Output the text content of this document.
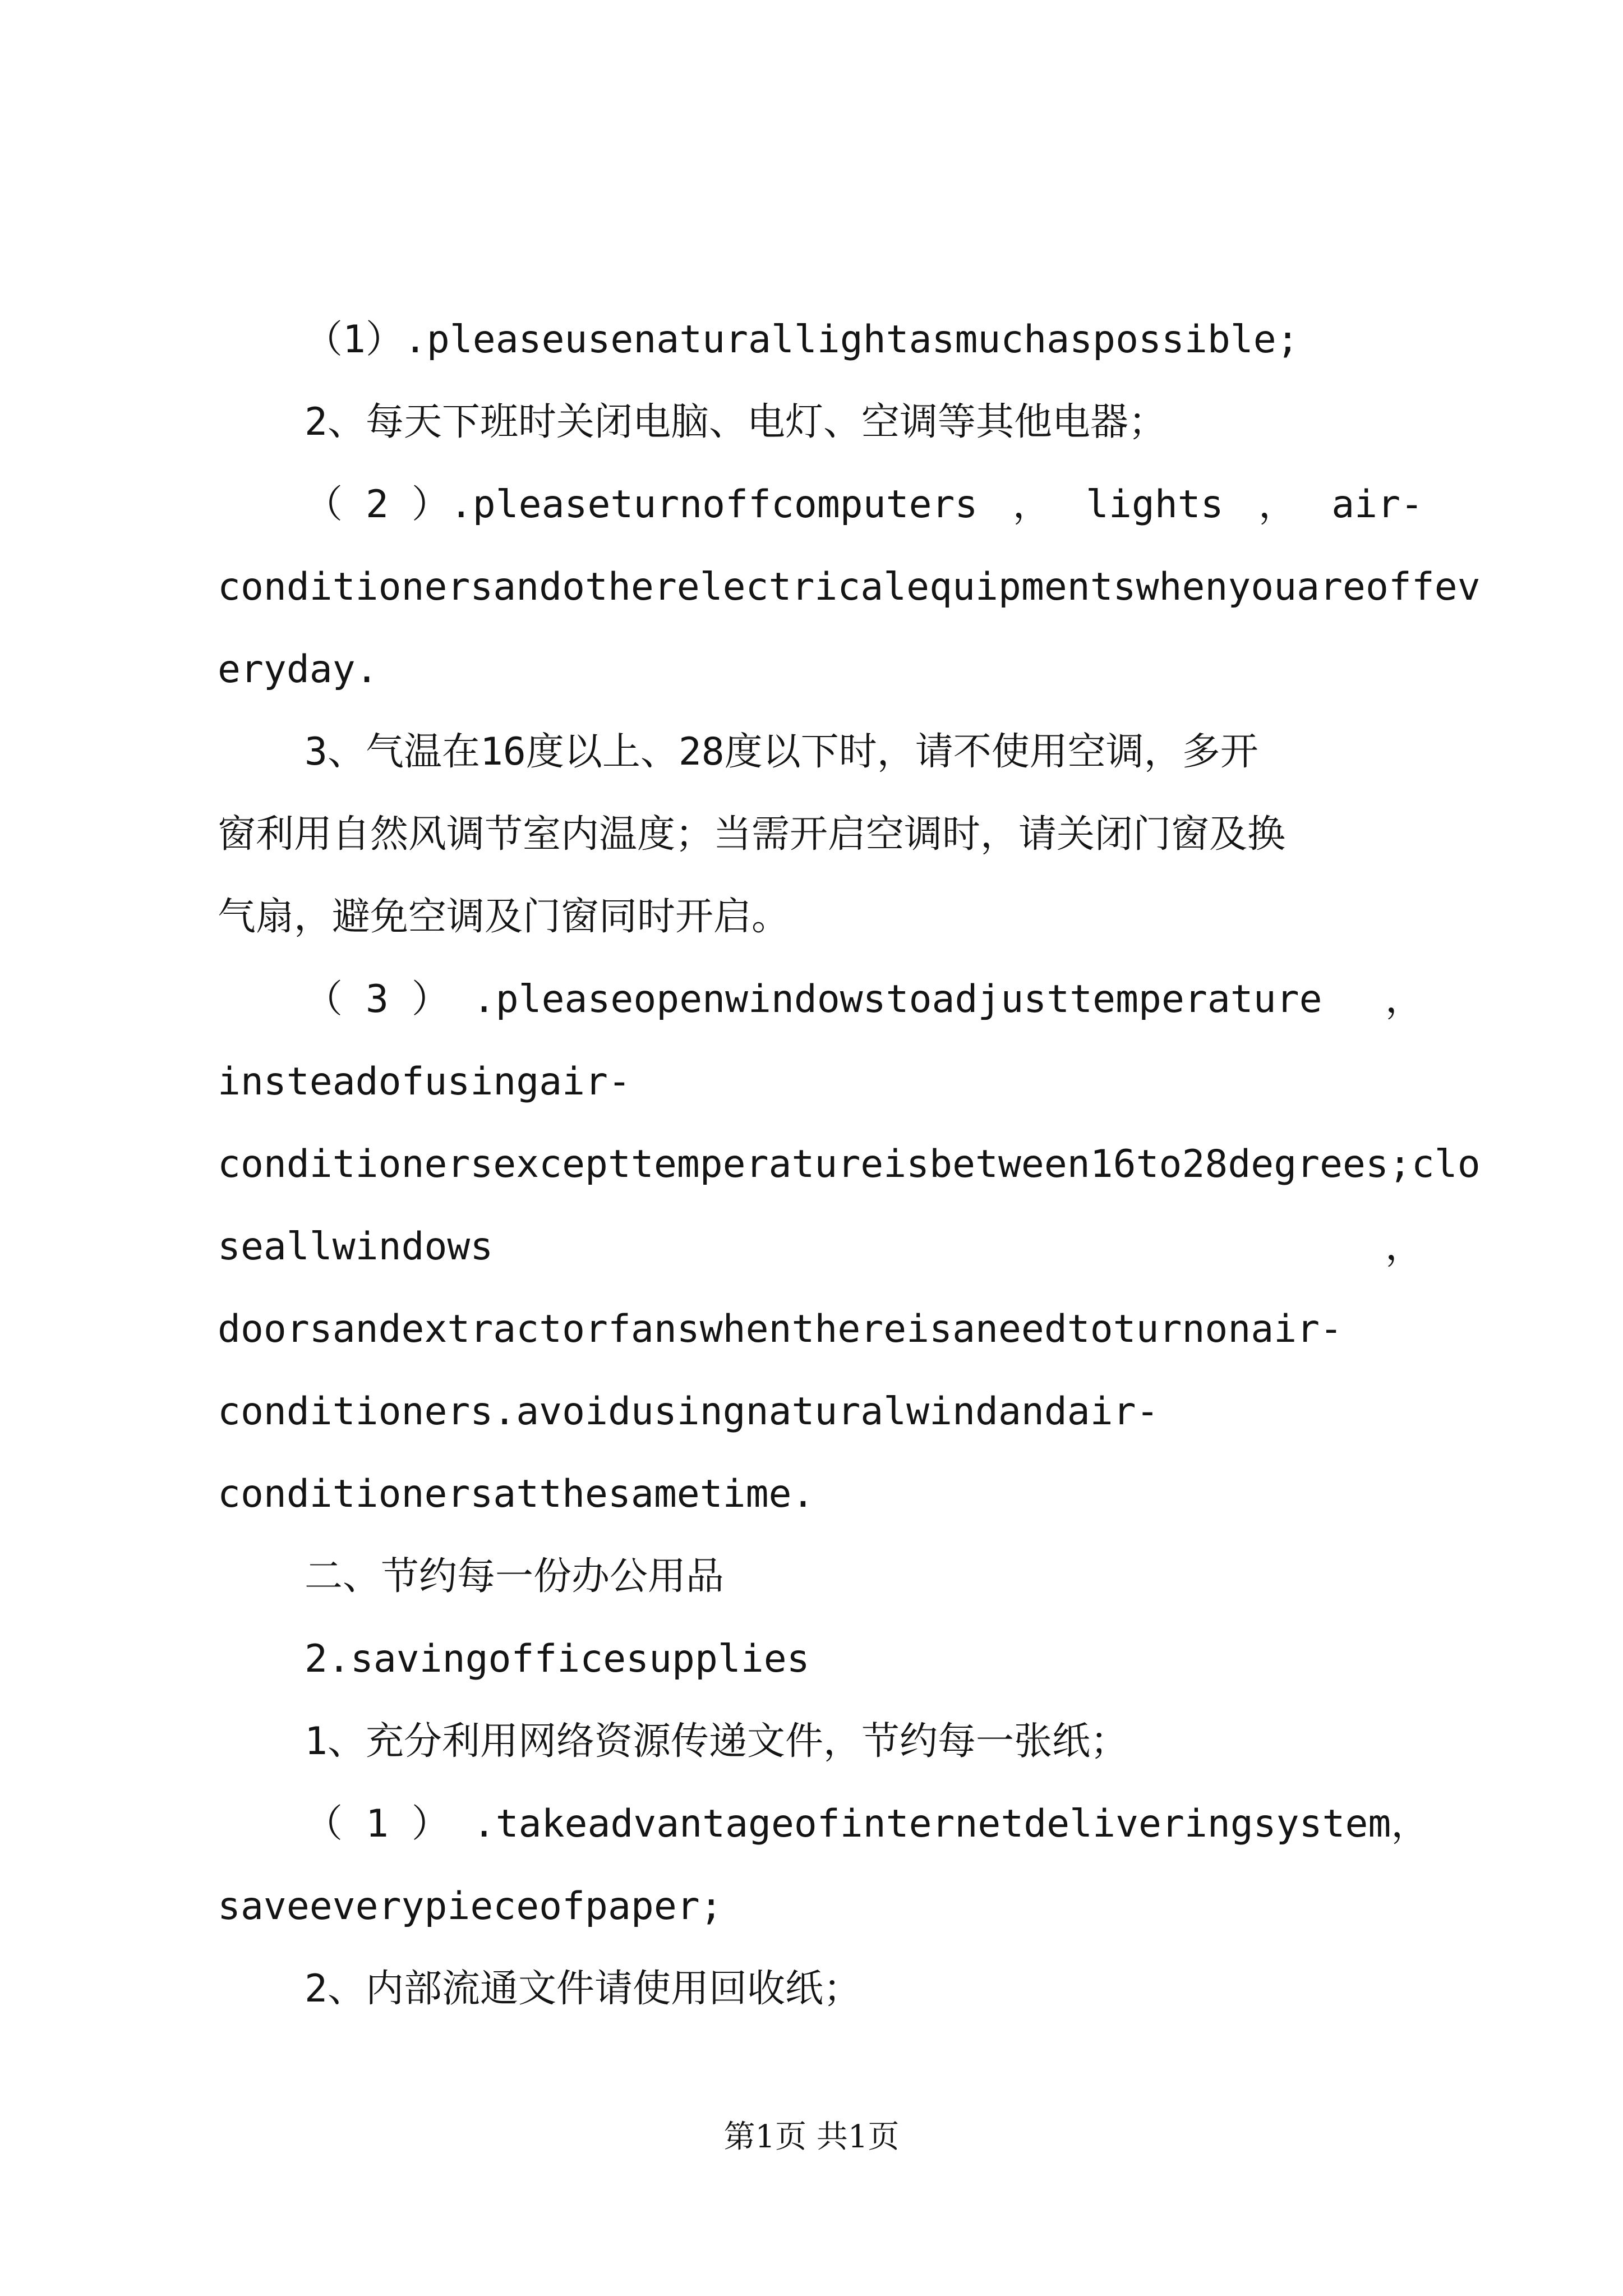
（1）.pleaseusenaturallightasmuchaspossible;
2、每天下班时关闭电脑、电灯、空调等其他电器；
（ 2 ）.pleaseturnoffcomputers ， lights ， air-
conditionersandotherelectricalequipmentswhenyouareoffev
eryday.
3、气温在16度以上、28度以下时，请不使用空调，多开
窗利用自然风调节室内温度；当需开启空调时，请关闭门窗及换
气扇，避免空调及门窗同时开启。
（ 3 ） .pleaseopenwindowstoadjusttemperature ，
insteadofusingair-
conditionersexcepttemperatureisbetween16to28degrees;clo
seallwindows	，
doorsandextractorfanswhenthereisaneedtoturnonair-
conditioners.avoidusingnaturalwindandair-
conditionersatthesametime.
二、节约每一份办公用品
2.savingofficesupplies
1、充分利用网络资源传递文件，节约每一张纸；
（ 1 ） .takeadvantageofinternetdeliveringsystem ，
saveeverypieceofpaper;
2、内部流通文件请使用回收纸；
第1页 共1页
